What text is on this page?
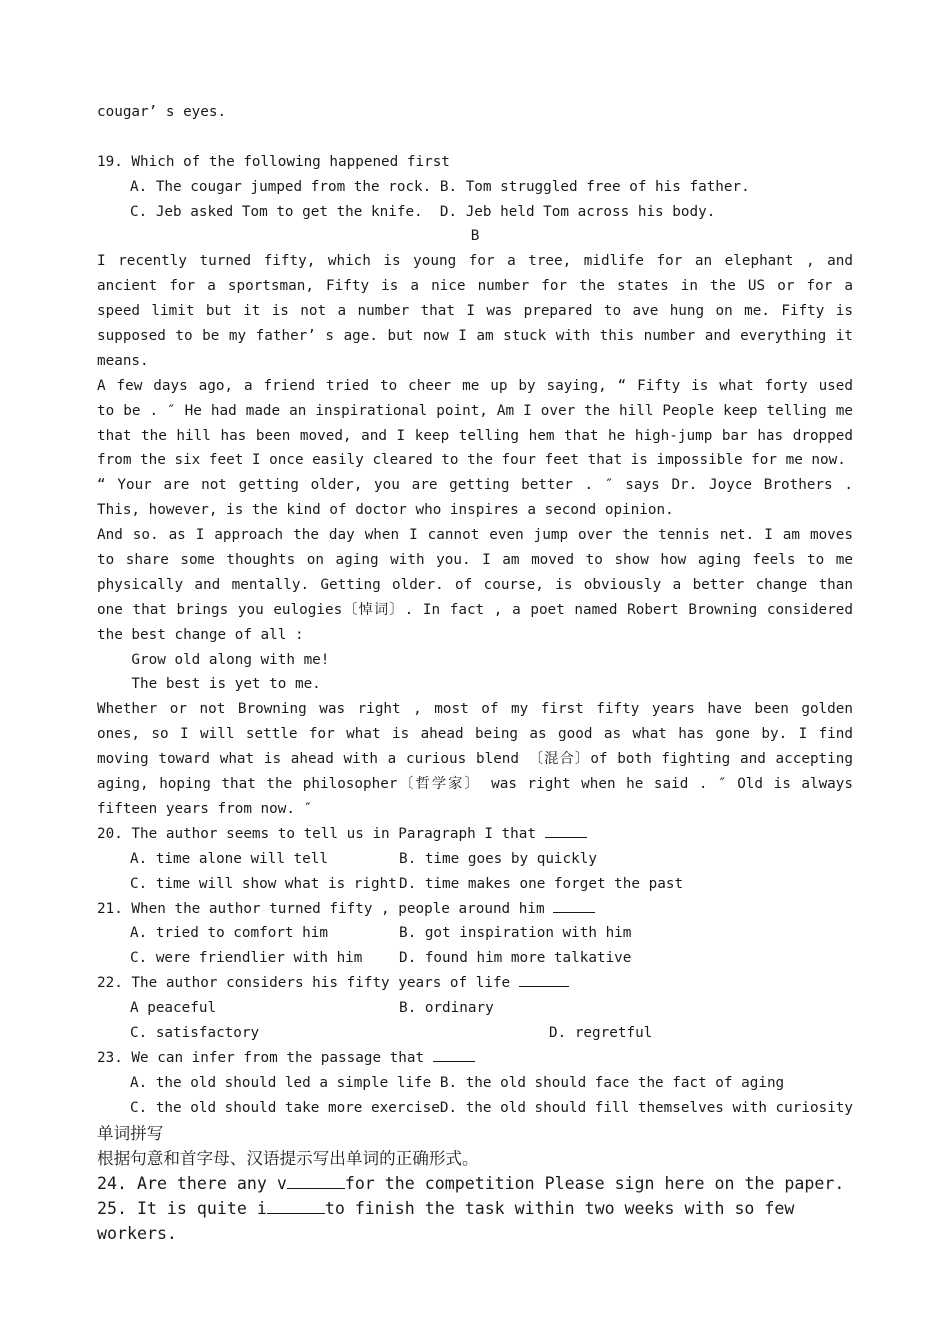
cougar’ s eyes.
19. Which of the following happened first
A. The cougar jumped from the rock. B. Tom struggled free of his father.
C. Jeb asked Tom to get the knife.  D. Jeb held Tom across his body.
B
I recently turned fifty, which is young for a tree, midlife for an elephant , and
ancient for a sportsman, Fifty is a nice number for the states in the US or for a
speed limit but it is not a number that I was prepared to ave hung on me. Fifty is
supposed to be my father’ s age. but now I am stuck with this number and everything it
means.
A few days ago, a friend tried to cheer me up by saying, “ Fifty is what forty used
to be . ″ He had made an inspirational point, Am I over the hill People keep telling me
that the hill has been moved, and I keep telling hem that he high-jump bar has dropped
from the six feet I once easily cleared to the four feet that is impossible for me now.
“ Your are not getting older, you are getting better . ″ says Dr. Joyce Brothers .
This, however, is the kind of doctor who inspires a second opinion.
And so. as I approach the day when I cannot even jump over the tennis net. I am moves
to share some thoughts on aging with you. I am moved to show how aging feels to me
physically and mentally. Getting older. of course, is obviously a better change than
one that brings you eulogies〔悼词〕. In fact , a poet named Robert Browning considered
the best change of all :
Grow old along with me!
The best is yet to me.
Whether or not Browning was right , most of my first fifty years have been golden
ones, so I will settle for what is ahead being as good as what has gone by. I find
moving toward what is ahead with a curious blend 〔混合〕of both fighting and accepting
aging, hoping that the philosopher〔哲学家〕 was right when he said . ″ Old is always
fifteen years from now. ″
20. The author seems to tell us in Paragraph I that
A. time alone will tell	B. time goes by quickly
C. time will show what is right D. time makes one forget the past
21. When the author turned fifty , people around him
A. tried to comfort him	B. got inspiration with him
C. were friendlier with him	D. found him more talkative
22. The author considers his fifty years of life
A peaceful	B. ordinary
C. satisfactory	D. regretful
23. We can infer from the passage that
A. the old should led a simple life B. the old should face the fact of aging
C. the old should take more exerciseD. the old should fill themselves with curiosity
单词拼写
根据句意和首字母、汉语提示写出单词的正确形式。
24. Are there any v	for the competition Please sign here on the paper.
25. It is quite i	to finish the task within two weeks with so few
workers.
